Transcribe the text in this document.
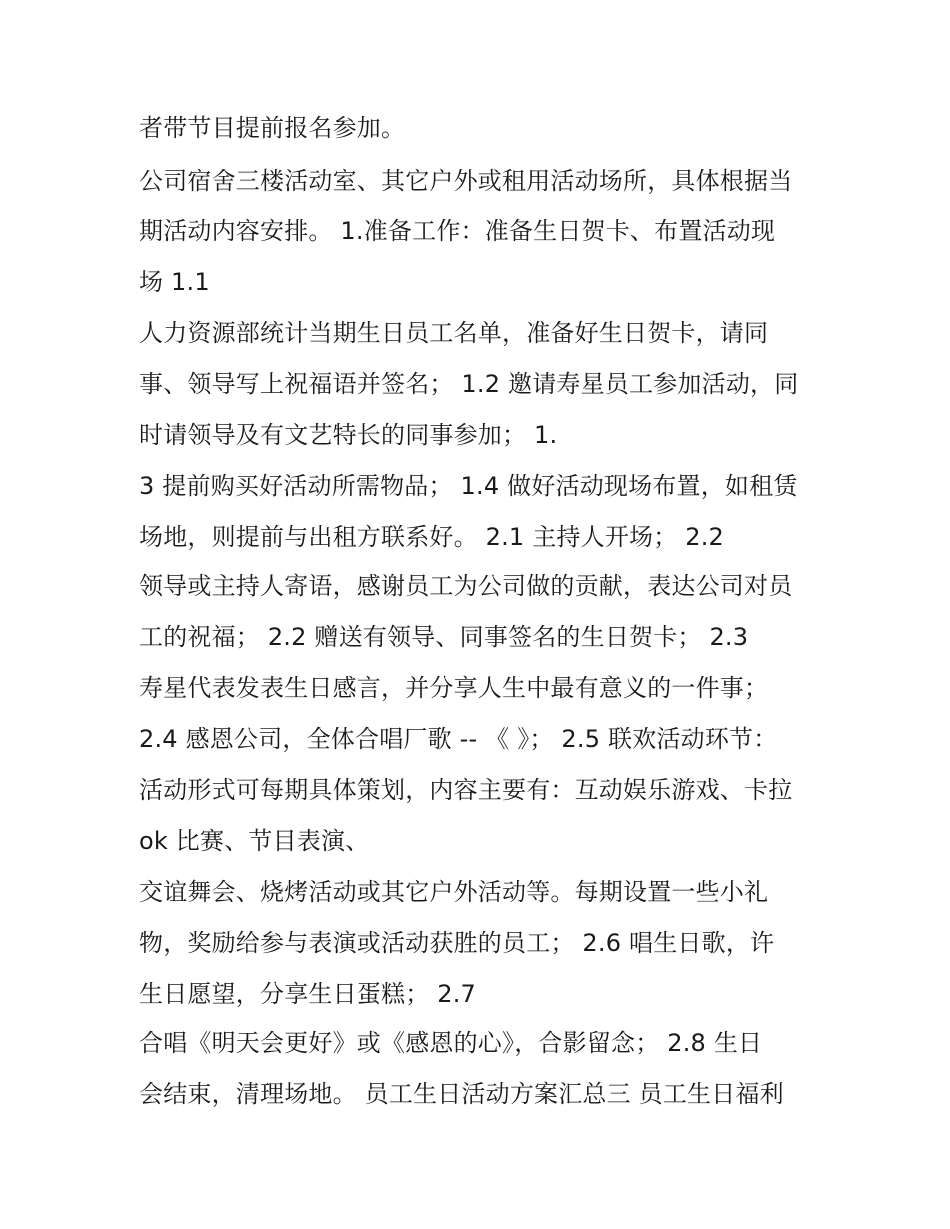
者带节目提前报名参加。
公司宿舍三楼活动室、其它户外或租用活动场所，具体根据当
期活动内容安排。 1.准备工作：准备生日贺卡、布置活动现
场 1.1
人力资源部统计当期生日员工名单，准备好生日贺卡，请同
事、领导写上祝福语并签名； 1.2 邀请寿星员工参加活动，同
时请领导及有文艺特长的同事参加； 1.
3 提前购买好活动所需物品； 1.4 做好活动现场布置，如租赁
场地，则提前与出租方联系好。 2.1 主持人开场； 2.2
领导或主持人寄语，感谢员工为公司做的贡献，表达公司对员
工的祝福； 2.2 赠送有领导、同事签名的生日贺卡； 2.3
寿星代表发表生日感言，并分享人生中最有意义的一件事；
2.4 感恩公司，全体合唱厂歌 -- 《 》； 2.5 联欢活动环节：
活动形式可每期具体策划，内容主要有：互动娱乐游戏、卡拉
ok 比赛、节目表演、
交谊舞会、烧烤活动或其它户外活动等。每期设置一些小礼
物，奖励给参与表演或活动获胜的员工； 2.6 唱生日歌，许
生日愿望，分享生日蛋糕； 2.7
合唱《明天会更好》或《感恩的心》，合影留念； 2.8 生日
会结束，清理场地。 员工生日活动方案汇总三 员工生日福利
